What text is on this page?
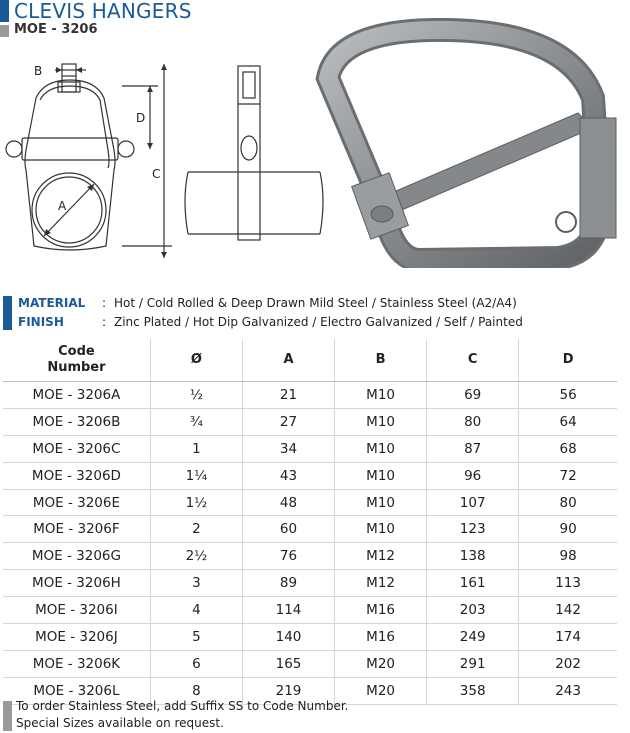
CLEVIS HANGERS
MOE - 3206
B
D
C
A
MATERIAL : Hot / Cold Rolled & Deep Drawn Mild Steel / Stainless Steel (A2/A4)
FINISH	: Zinc Plated / Hot Dip Galvanized / Electro Galvanized / Self / Painted
Code
Number	Ø	A	B	C	D
MOE - 3206A	½	21	M10	69	56
MOE - 3206B	¾	27	M10	80	64
MOE - 3206C	1	34	M10	87	68
MOE - 3206D	1¼	43	M10	96	72
MOE - 3206E	1½	48	M10	107	80
MOE - 3206F	2	60	M10	123	90
MOE - 3206G	2½	76	M12	138	98
MOE - 3206H	3	89	M12	161	113
MOE - 3206I	4	114	M16	203	142
MOE - 3206J	5	140	M16	249	174
MOE - 3206K	6	165	M20	291	202
MOE - 3206L	8	219	M20	358	243
To order Stainless Steel, add Suffix SS to Code Number.
Special Sizes available on request.
